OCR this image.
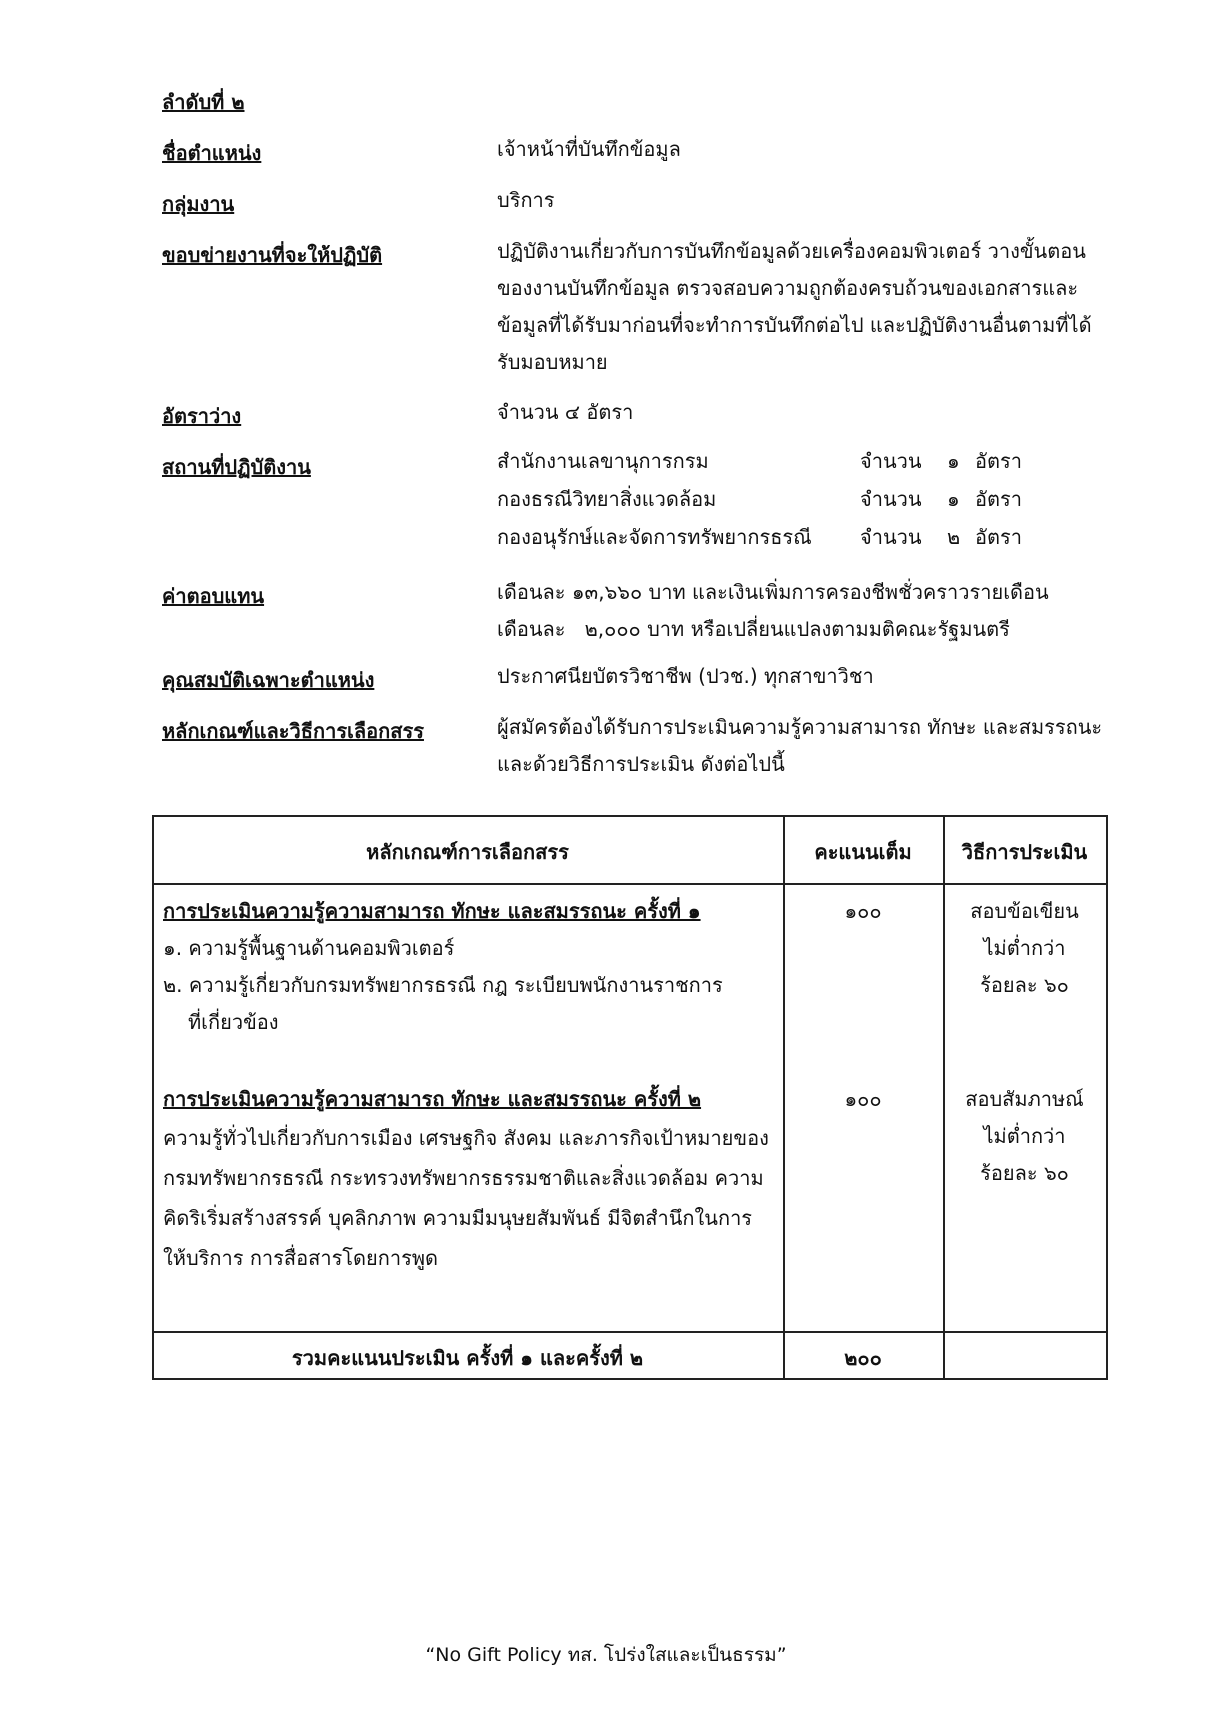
ลำดับที่ ๒
ชื่อตำแหน่ง	เจ้าหน้าที่บันทึกข้อมูล
กลุ่มงาน	บริการ
ขอบข่ายงานที่จะให้ปฏิบัติ	ปฏิบัติงานเกี่ยวกับการบันทึกข้อมูลด้วยเครื่องคอมพิวเตอร์ วางขั้นตอนของงานบันทึกข้อมูล ตรวจสอบความถูกต้องครบถ้วนของเอกสารและข้อมูลที่ได้รับมาก่อนที่จะทำการบันทึกต่อไป และปฏิบัติงานอื่นตามที่ได้รับมอบหมาย
อัตราว่าง	จำนวน ๔ อัตรา
สถานที่ปฏิบัติงาน	สำนักงานเลขานุการกรม	จำนวน ๑ อัตรา
กองธรณีวิทยาสิ่งแวดล้อม	จำนวน ๑ อัตรา
กองอนุรักษ์และจัดการทรัพยากรธรณี จำนวน ๒ อัตรา
ค่าตอบแทน	เดือนละ ๑๓,๖๖๐ บาท และเงินเพิ่มการครองชีพชั่วคราวรายเดือน
เดือนละ   ๒,๐๐๐ บาท หรือเปลี่ยนแปลงตามมติคณะรัฐมนตรี
คุณสมบัติเฉพาะตำแหน่ง	ประกาศนียบัตรวิชาชีพ (ปวช.) ทุกสาขาวิชา
หลักเกณฑ์และวิธีการเลือกสรร	ผู้สมัครต้องได้รับการประเมินความรู้ความสามารถ ทักษะ และสมรรถนะและด้วยวิธีการประเมิน ดังต่อไปนี้
หลักเกณฑ์การเลือกสรร	คะแนนเต็ม	วิธีการประเมิน
การประเมินความรู้ความสามารถ ทักษะ และสมรรถนะ ครั้งที่ ๑
๑. ความรู้พื้นฐานด้านคอมพิวเตอร์
๒. ความรู้เกี่ยวกับกรมทรัพยากรธรณี กฎ ระเบียบพนักงานราชการ
ที่เกี่ยวข้อง
๑๐๐	สอบข้อเขียน
ไม่ต่ำกว่า
ร้อยละ ๖๐
การประเมินความรู้ความสามารถ ทักษะ และสมรรถนะ ครั้งที่ ๒
ความรู้ทั่วไปเกี่ยวกับการเมือง เศรษฐกิจ สังคม และภารกิจเป้าหมายของกรมทรัพยากรธรณี กระทรวงทรัพยากรธรรมชาติและสิ่งแวดล้อม ความคิดริเริ่มสร้างสรรค์ บุคลิกภาพ ความมีมนุษยสัมพันธ์ มีจิตสำนึกในการให้บริการ การสื่อสารโดยการพูด
๑๐๐	สอบสัมภาษณ์
ไม่ต่ำกว่า
ร้อยละ ๖๐
รวมคะแนนประเมิน ครั้งที่ ๑ และครั้งที่ ๒	๒๐๐
“No Gift Policy ทส. โปร่งใสและเป็นธรรม”
